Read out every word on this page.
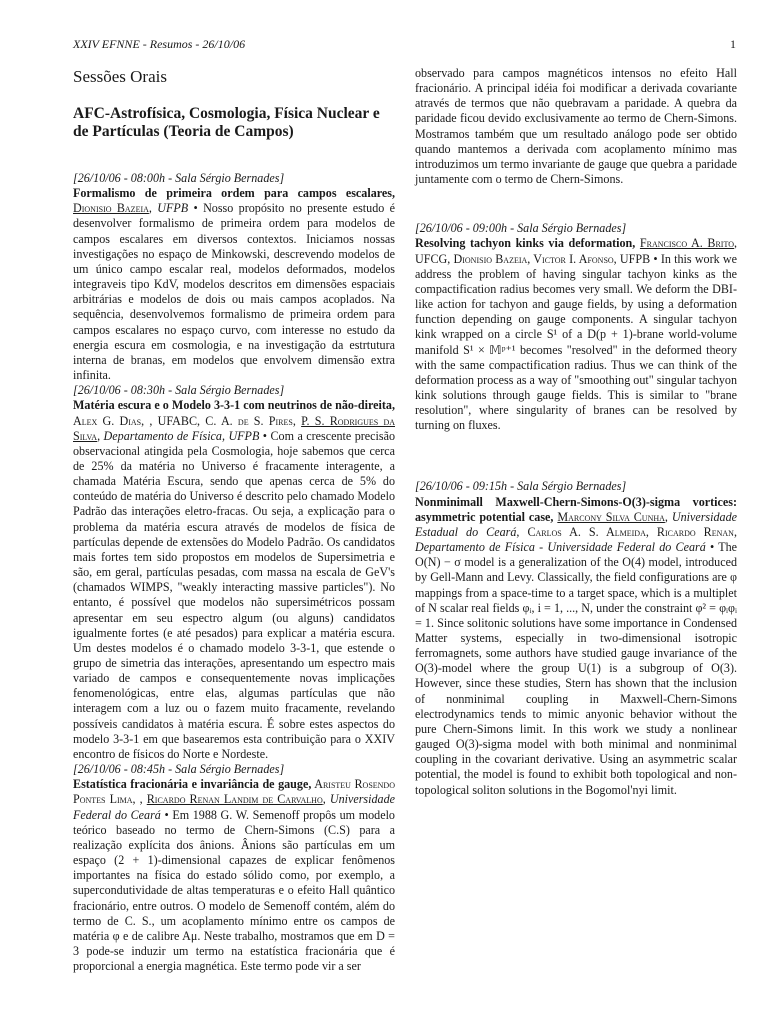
XXIV EFNNE - Resumos - 26/10/06	1
Sessões Orais
AFC-Astrofísica, Cosmologia, Física Nuclear e de Partículas (Teoria de Campos)
[26/10/06 - 08:00h - Sala Sérgio Bernades]

Formalismo de primeira ordem para campos escalares, Dionisio Bazeia, UFPB • Nosso propósito no presente estudo é desenvolver formalismo de primeira ordem para modelos de campos escalares em diversos contextos. Iniciamos nossas investigações no espaço de Minkowski, descrevendo modelos de um único campo escalar real, modelos deformados, modelos integraveis tipo KdV, modelos descritos em dimensões espaciais arbitrárias e modelos de dois ou mais campos acoplados. Na sequência, desenvolvemos formalismo de primeira ordem para campos escalares no espaço curvo, com interesse no estudo da energia escura em cosmologia, e na investigação da estrtutura interna de branas, em modelos que envolvem dimensão extra infinita.

[26/10/06 - 08:30h - Sala Sérgio Bernades]

Matéria escura e o Modelo 3-3-1 com neutrinos de não-direita, Alex G. Dias, , UFABC, C. A. de S. Pires, P. S. Rodrigues da Silva, Departamento de Física, UFPB • Com a crescente precisão observacional atingida pela Cosmologia, hoje sabemos que cerca de 25% da matéria no Universo é fracamente interagente, a chamada Matéria Escura, sendo que apenas cerca de 5% do conteúdo de matéria do Universo é descrito pelo chamado Modelo Padrão das interações eletro-fracas. Ou seja, a explicação para o problema da matéria escura através de modelos de física de partículas depende de extensões do Modelo Padrão. Os candidatos mais fortes tem sido propostos em modelos de Supersimetria e são, em geral, partículas pesadas, com massa na escala de GeV's (chamados WIMPS, "weakly interacting massive particles"). No entanto, é possível que modelos não supersimétricos possam apresentar em seu espectro algum (ou alguns) candidatos igualmente fortes (e até pesados) para explicar a matéria escura. Um destes modelos é o chamado modelo 3-3-1, que estende o grupo de simetria das interações, apresentando um espectro mais variado de campos e consequentemente novas implicações fenomenológicas, entre elas, algumas partículas que não interagem com a luz ou o fazem muito fracamente, revelando possíveis candidatos à matéria escura. É sobre estes aspectos do modelo 3-3-1 em que basearemos esta contribuição para o XXIV encontro de físicos do Norte e Nordeste.

[26/10/06 - 08:45h - Sala Sérgio Bernades]

Estatística fracionária e invariância de gauge, Aristeu Rosendo Pontes Lima, , Ricardo Renan Landim de Carvalho, Universidade Federal do Ceará • Em 1988 G. W. Semenoff propôs um modelo teórico baseado no termo de Chern-Simons (C.S) para a realização explícita dos ânions. Ânions são partículas em um espaço (2 + 1)-dimensional capazes de explicar fenômenos importantes na física do estado sólido como, por exemplo, a supercondutividade de altas temperaturas e o efeito Hall quântico fracionário, entre outros. O modelo de Semenoff contém, além do termo de C. S., um acoplamento mínimo entre os campos de matéria φ e de calibre Aμ. Neste trabalho, mostramos que em D = 3 pode-se induzir um termo na estatística fracionária que é proporcional a energia magnética. Este termo pode vir a ser

observado para campos magnéticos intensos no efeito Hall fracionário. A principal idéia foi modificar a derivada covariante através de termos que não quebravam a paridade. A quebra da paridade ficou devido exclusivamente ao termo de Chern-Simons. Mostramos também que um resultado análogo pode ser obtido quando mantemos a derivada com acoplamento mínimo mas introduzimos um termo invariante de gauge que quebra a paridade juntamente com o termo de Chern-Simons.

[26/10/06 - 09:00h - Sala Sérgio Bernades]

Resolving tachyon kinks via deformation, Francisco A. Brito, UFCG, Dionisio Bazeia, Victor I. Afonso, UFPB • In this work we address the problem of having singular tachyon kinks as the compactification radius becomes very small. We deform the DBI-like action for tachyon and gauge fields, by using a deformation function depending on gauge components. A singular tachyon kink wrapped on a circle S¹ of a D(p + 1)-brane world-volume manifold S¹ × 𝕄ᵖ⁺¹ becomes "resolved" in the deformed theory with the same compactification radius. Thus we can think of the deformation process as a way of "smoothing out" singular tachyon kink solutions through gauge fields. This is similar to "brane resolution", where singularity of branes can be resolved by turning on fluxes.

[26/10/06 - 09:15h - Sala Sérgio Bernades]

Nonminimall Maxwell-Chern-Simons-O(3)-sigma vortices: asymmetric potential case, Marcony Silva Cunha, Universidade Estadual do Ceará, Carlos A. S. Almeida, Ricardo Renan, Departamento de Física - Universidade Federal do Ceará • The O(N) − σ model is a generalization of the O(4) model, introduced by Gell-Mann and Levy. Classically, the field configurations are φ mappings from a space-time to a target space, which is a multiplet of N scalar real fields φᵢ, i = 1, ..., N, under the constraint φ² = φᵢφᵢ = 1. Since solitonic solutions have some importance in Condensed Matter systems, especially in two-dimensional isotropic ferromagnets, some authors have studied gauge invariance of the O(3)-model where the group U(1) is a subgroup of O(3). However, since these studies, Stern has shown that the inclusion of nonminimal coupling in Maxwell-Chern-Simons electrodynamics tends to mimic anyonic behavior without the pure Chern-Simons limit. In this work we study a nonlinear gauged O(3)-sigma model with both minimal and nonminimal coupling in the covariant derivative. Using an asymmetric scalar potential, the model is found to exhibit both topological and non-topological soliton solutions in the Bogomol'nyi limit.
